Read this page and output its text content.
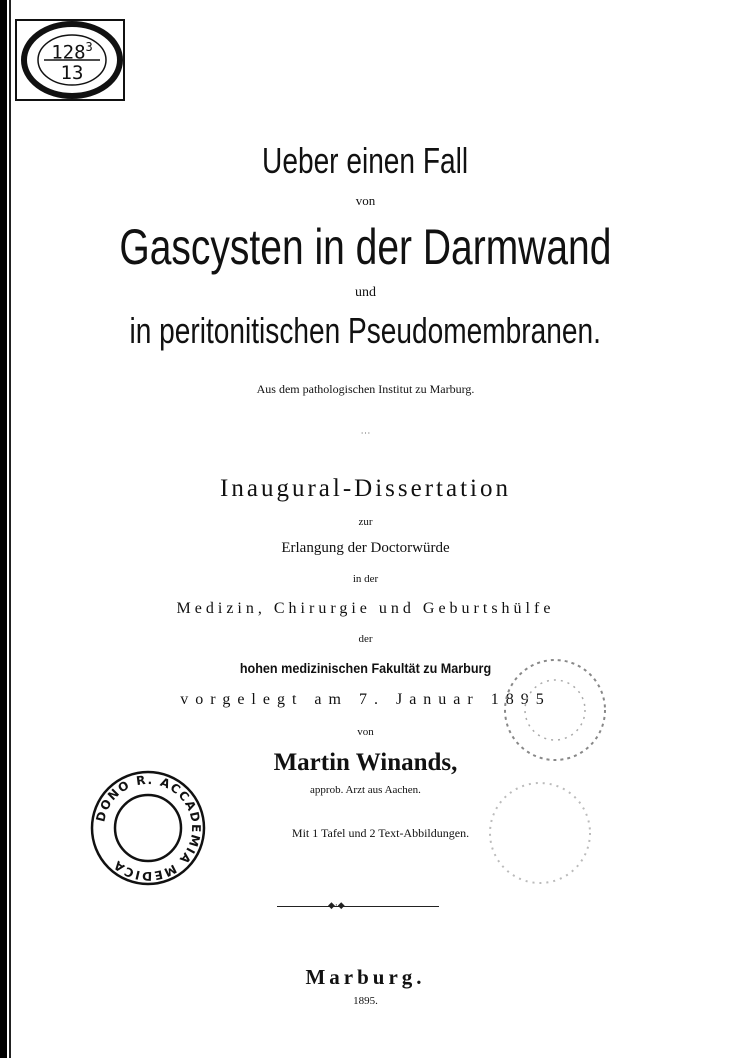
$128^3$
13
Ueber einen Fall
von
Gascysten in der Darmwand
und
in peritonitischen Pseudomembranen.
Aus dem pathologischen Institut zu Marburg.
⋯
Inaugural-Dissertation
zur
Erlangung der Doctorwürde
in der
Medizin, Chirurgie und Geburtshülfe
der
hohen medizinischen Fakultät zu Marburg
vorgelegt am 7. Januar 1895
von
Martin Winands,
approb. Arzt aus Aachen.
Mit 1 Tafel und 2 Text-Abbildungen.
DONO R. ACCADEMIA MEDICA
◆·◆
Marburg.
1895.
